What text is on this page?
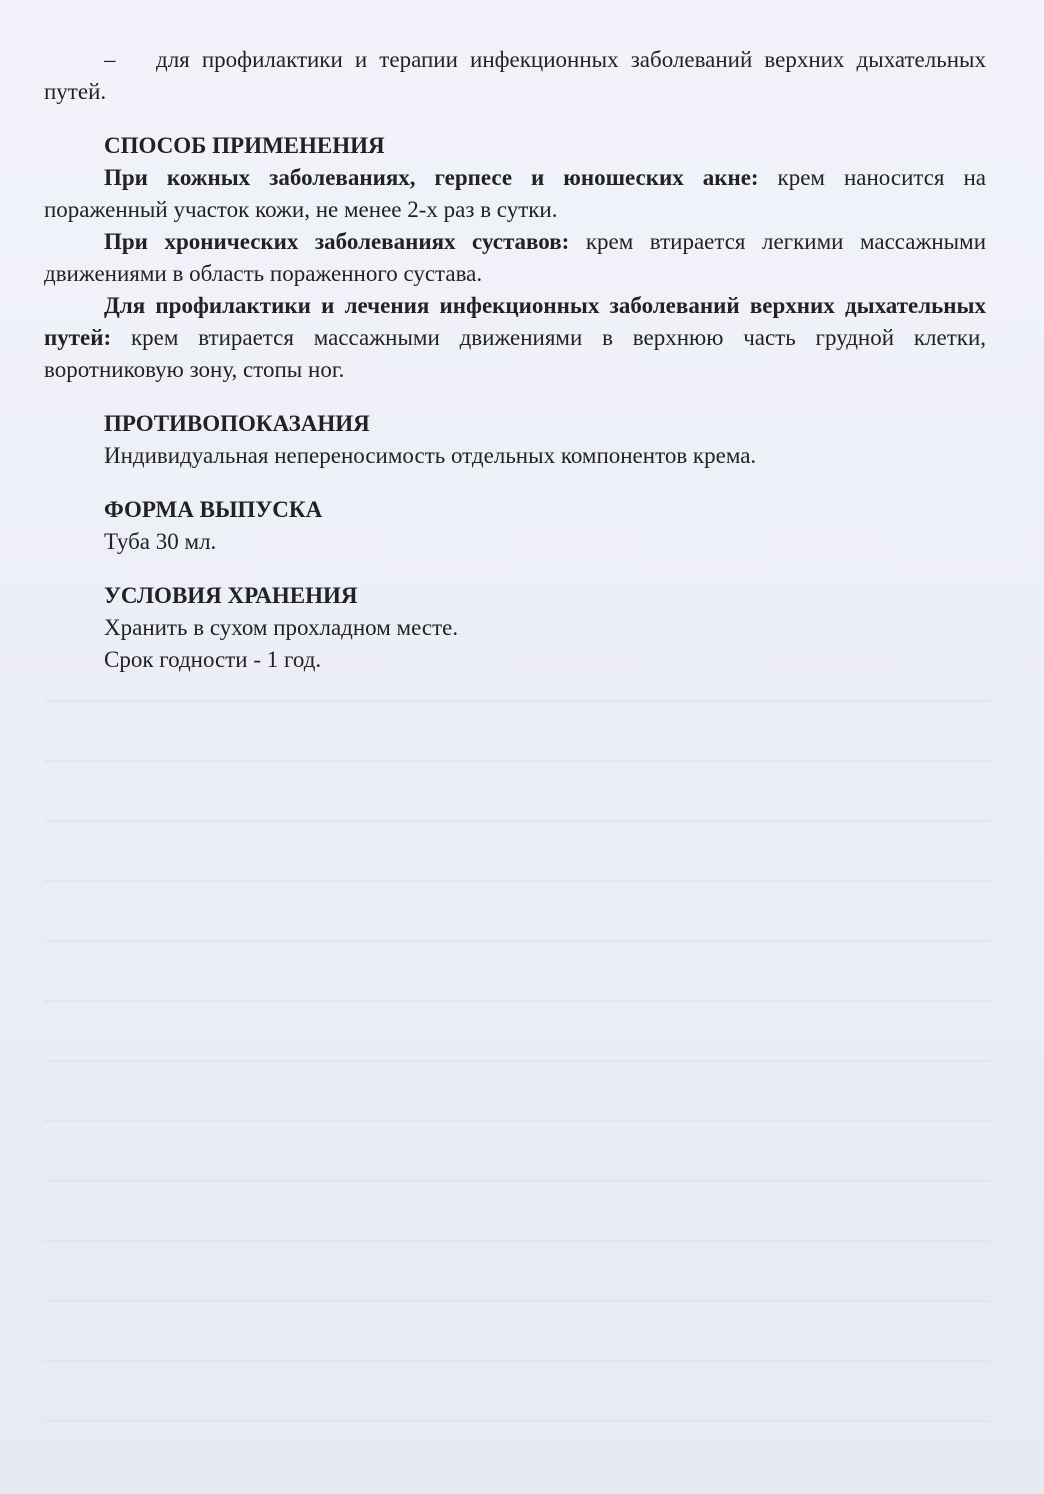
– для профилактики и терапии инфекционных заболеваний верхних дыхательных путей.

СПОСОБ ПРИМЕНЕНИЯ

При кожных заболеваниях, герпесе и юношеских акне: крем наносится на пораженный участок кожи, не менее 2-х раз в сутки.

При хронических заболеваниях суставов: крем втирается легкими массажными движениями в область пораженного сустава.

Для профилактики и лечения инфекционных заболеваний верхних дыхательных путей: крем втирается массажными движениями в верхнюю часть грудной клетки, воротниковую зону, стопы ног.

ПРОТИВОПОКАЗАНИЯ

Индивидуальная непереносимость отдельных компонентов крема.

ФОРМА ВЫПУСКА

Туба 30 мл.

УСЛОВИЯ ХРАНЕНИЯ

Хранить в сухом прохладном месте.

Срок годности - 1 год.
